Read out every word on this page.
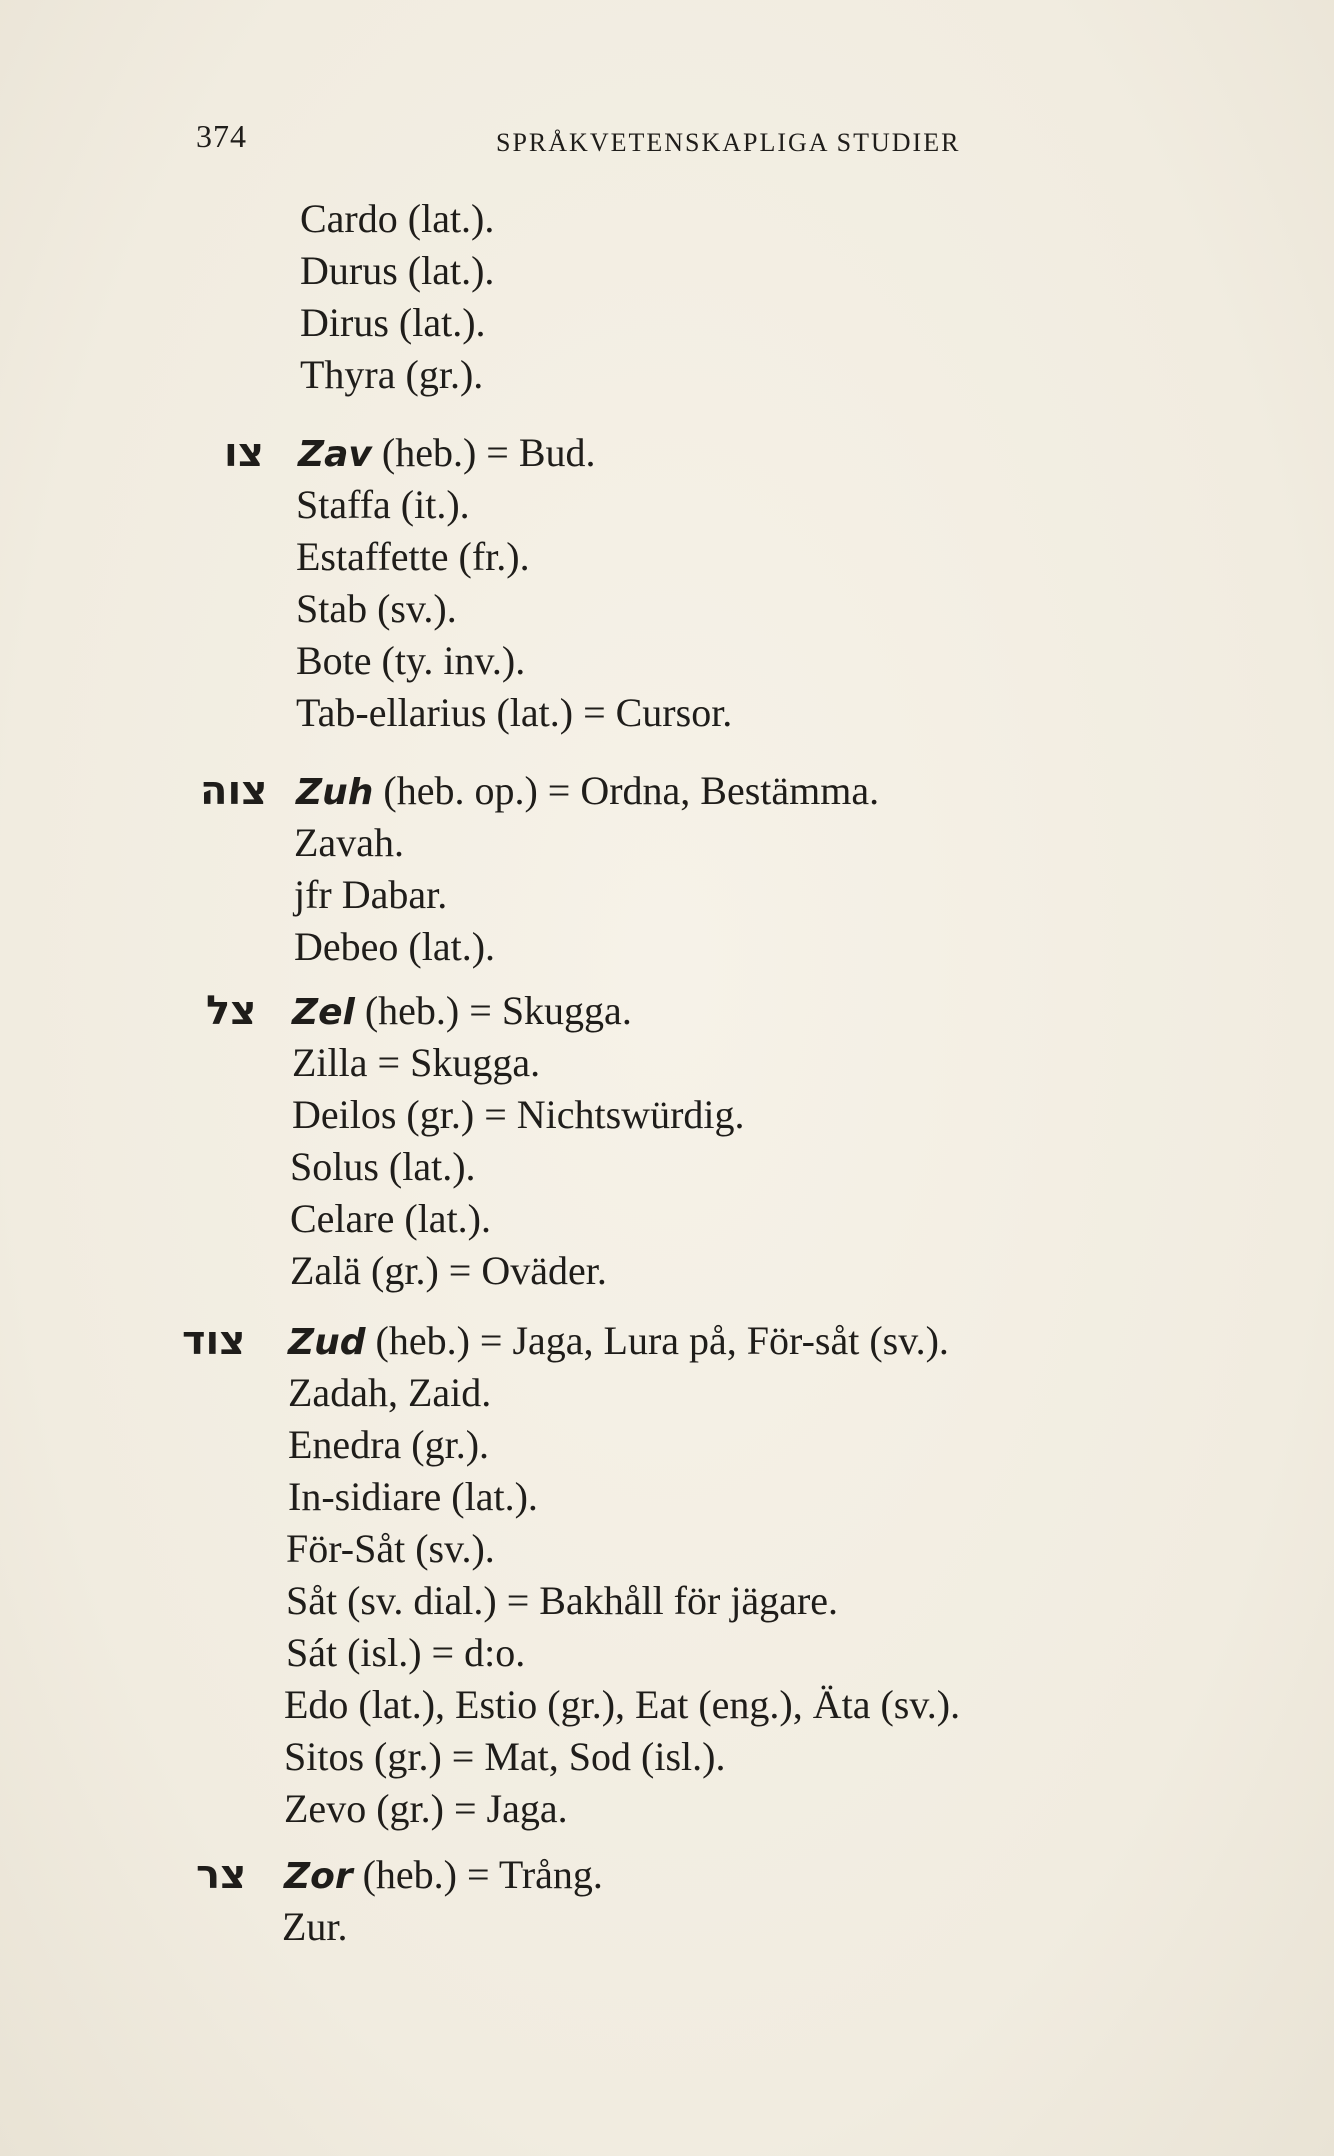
374	SPRÅKVETENSKAPLIGA STUDIER
Cardo (lat.).
Durus (lat.).
Dirus (lat.).
Thyra (gr.).
צו Zav (heb.) = Bud.
Staffa (it.).
Estaffette (fr.).
Stab (sv.).
Bote (ty. inv.).
Tab-ellarius (lat.) = Cursor.
צוה Zuh (heb. op.) = Ordna, Bestämma.
Zavah.
jfr Dabar.
Debeo (lat.).
צל Zel (heb.) = Skugga.
Zilla = Skugga.
Deilos (gr.) = Nichtswürdig.
Solus (lat.).
Celare (lat.).
Zalä (gr.) = Oväder.
צוד Zud (heb.) = Jaga, Lura på, För-såt (sv.).
Zadah, Zaid.
Enedra (gr.).
In-sidiare (lat.).
För-Såt (sv.).
Såt (sv. dial.) = Bakhåll för jägare.
Sát (isl.) = d:o.
Edo (lat.), Estio (gr.), Eat (eng.), Äta (sv.).
Sitos (gr.) = Mat, Sod (isl.).
Zevo (gr.) = Jaga.
צר Zor (heb.) = Trång.
Zur.
